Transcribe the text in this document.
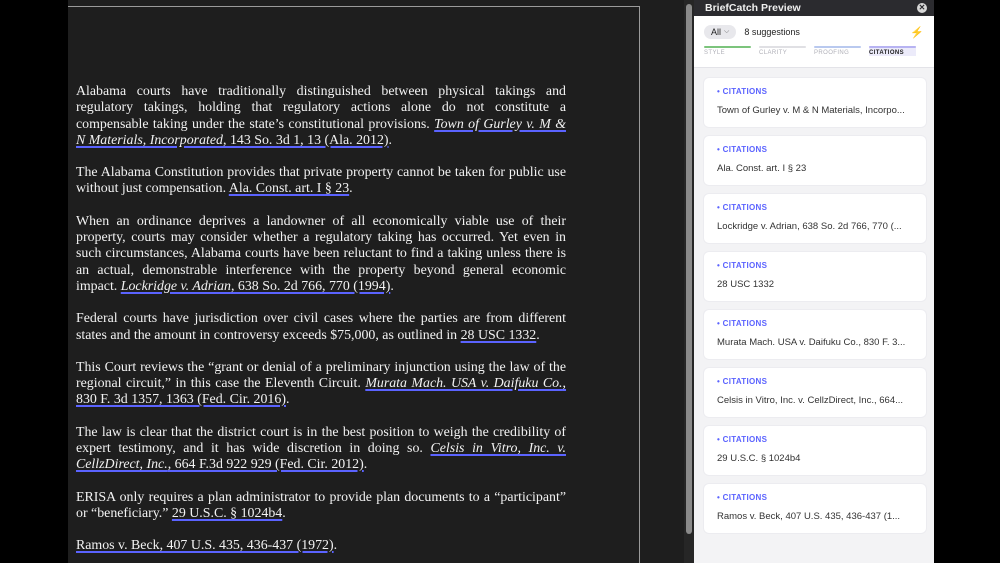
Alabama courts have traditionally distinguished between physical takings and regulatory takings, holding that regulatory actions alone do not constitute a compensable taking under the state’s constitutional provisions. Town of Gurley v. M & N Materials, Incorporated, 143 So. 3d 1, 13 (Ala. 2012).

The Alabama Constitution provides that private property cannot be taken for public use without just compensation. Ala. Const. art. I § 23.

When an ordinance deprives a landowner of all economically viable use of their property, courts may consider whether a regulatory taking has occurred. Yet even in such circumstances, Alabama courts have been reluctant to find a taking unless there is an actual, demonstrable interference with the property beyond general economic impact. Lockridge v. Adrian, 638 So. 2d 766, 770 (1994).

Federal courts have jurisdiction over civil cases where the parties are from different states and the amount in controversy exceeds $75,000, as outlined in 28 USC 1332.

This Court reviews the “grant or denial of a preliminary injunction using the law of the regional circuit,” in this case the Eleventh Circuit. Murata Mach. USA v. Daifuku Co., 830 F. 3d 1357, 1363 (Fed. Cir. 2016).

The law is clear that the district court is in the best position to weigh the credibility of expert testimony, and it has wide discretion in doing so. Celsis in Vitro, Inc. v. CellzDirect, Inc., 664 F.3d 922 929 (Fed. Cir. 2012).

ERISA only requires a plan administrator to provide plan documents to a “participant” or “beneficiary.” 29 U.S.C. § 1024b4.

Ramos v. Beck, 407 U.S. 435, 436-437 (1972).

BriefCatch Preview	✕
All ⌵ 8 suggestions	⚡
STYLE	CLARITY	PROOFING	CITATIONS
• CITATIONS
Town of Gurley v. M & N Materials, Incorpo...
• CITATIONS
Ala. Const. art. I § 23
• CITATIONS
Lockridge v. Adrian, 638 So. 2d 766, 770 (...
• CITATIONS
28 USC 1332
• CITATIONS
Murata Mach. USA v. Daifuku Co., 830 F. 3...
• CITATIONS
Celsis in Vitro, Inc. v. CellzDirect, Inc., 664...
• CITATIONS
29 U.S.C. § 1024b4
• CITATIONS
Ramos v. Beck, 407 U.S. 435, 436-437 (1...
